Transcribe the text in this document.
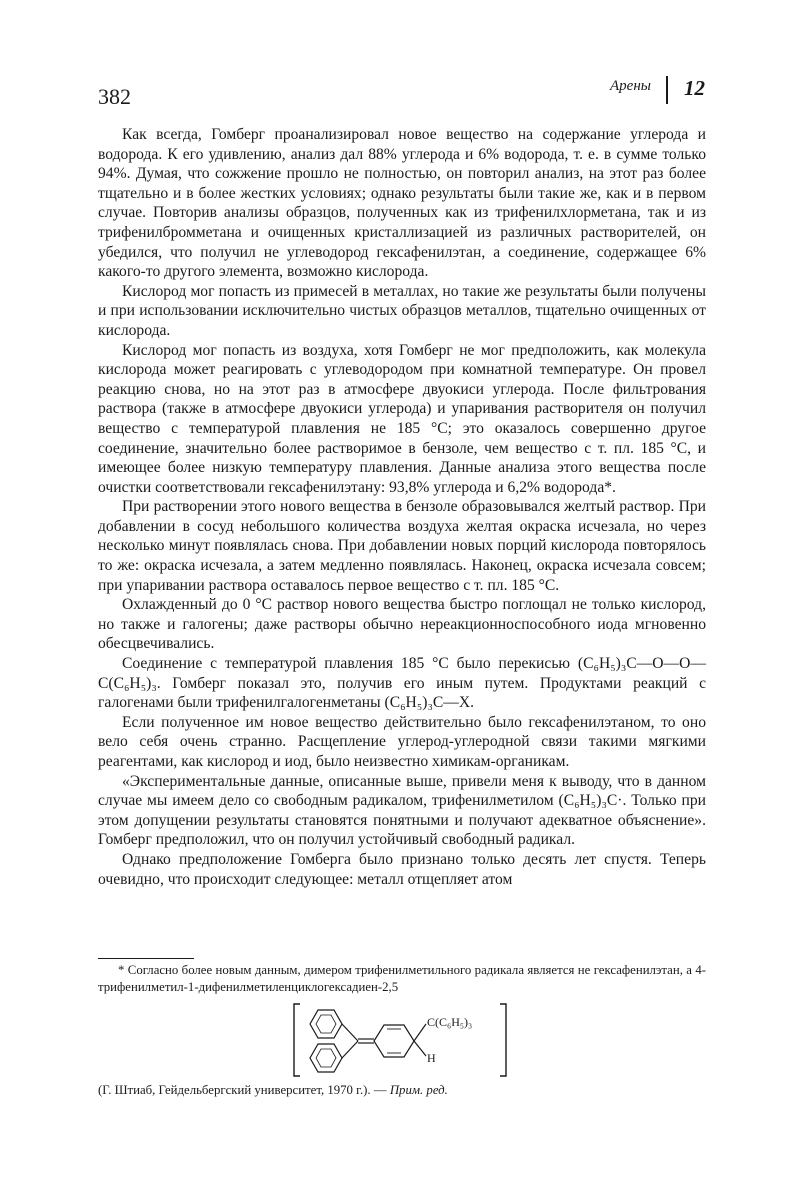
382	Арены 12

Как всегда, Гомберг проанализировал новое вещество на содержание углерода и водорода. К его удивлению, анализ дал 88% углерода и 6% водорода, т. е. в сумме только 94%. Думая, что сожжение прошло не полностью, он повторил анализ, на этот раз более тщательно и в более жестких условиях; однако результаты были такие же, как и в первом случае. Повторив анализы образцов, полученных как из трифенилхлорметана, так и из трифенилбромметана и очищенных кристаллизацией из различных растворителей, он убедился, что получил не углеводород гексафенилэтан, а соединение, содержащее 6% какого-то другого элемента, возможно кислорода.

Кислород мог попасть из примесей в металлах, но такие же результаты были получены и при использовании исключительно чистых образцов металлов, тщательно очищенных от кислорода.

Кислород мог попасть из воздуха, хотя Гомберг не мог предположить, как молекула кислорода может реагировать с углеводородом при комнатной температуре. Он провел реакцию снова, но на этот раз в атмосфере двуокиси углерода. После фильтрования раствора (также в атмосфере двуокиси углерода) и упаривания растворителя он получил вещество с температурой плавления не 185 °С; это оказалось совершенно другое соединение, значительно более растворимое в бензоле, чем вещество с т. пл. 185 °С, и имеющее более низкую температуру плавления. Данные анализа этого вещества после очистки соответствовали гексафенилэтану: 93,8% углерода и 6,2% водорода*.

При растворении этого нового вещества в бензоле образовывался желтый раствор. При добавлении в сосуд небольшого количества воздуха желтая окраска исчезала, но через несколько минут появлялась снова. При добавлении новых порций кислорода повторялось то же: окраска исчезала, а затем медленно появлялась. Наконец, окраска исчезала совсем; при упаривании раствора оставалось первое вещество с т. пл. 185 °С.

Охлажденный до 0 °С раствор нового вещества быстро поглощал не только кислород, но также и галогены; даже растворы обычно нереакционноспособного иода мгновенно обесцвечивались.

Соединение с температурой плавления 185 °С было перекисью (C₆H₅)₃C—O—O—C(C₆H₅)₃. Гомберг показал это, получив его иным путем. Продуктами реакций с галогенами были трифенилгалогенметаны (C₆H₅)₃C—X.

Если полученное им новое вещество действительно было гексафенилэтаном, то оно вело себя очень странно. Расщепление углерод-углеродной связи такими мягкими реагентами, как кислород и иод, было неизвестно химикам-органикам.

«Экспериментальные данные, описанные выше, привели меня к выводу, что в данном случае мы имеем дело со свободным радикалом, трифенилметилом (C₆H₅)₃C·. Только при этом допущении результаты становятся понятными и получают адекватное объяснение». Гомберг предположил, что он получил устойчивый свободный радикал.

Однако предположение Гомберга было признано только десять лет спустя. Теперь очевидно, что происходит следующее: металл отщепляет атом

* Согласно более новым данным, димером трифенилметильного радикала является не гексафенилэтан, а 4-трифенилметил-1-дифенилметиленциклогексадиен-2,5

C(C₆H₅)₃
H
(Г. Штиаб, Гейдельбергский университет, 1970 г.). — Прим. ред.
